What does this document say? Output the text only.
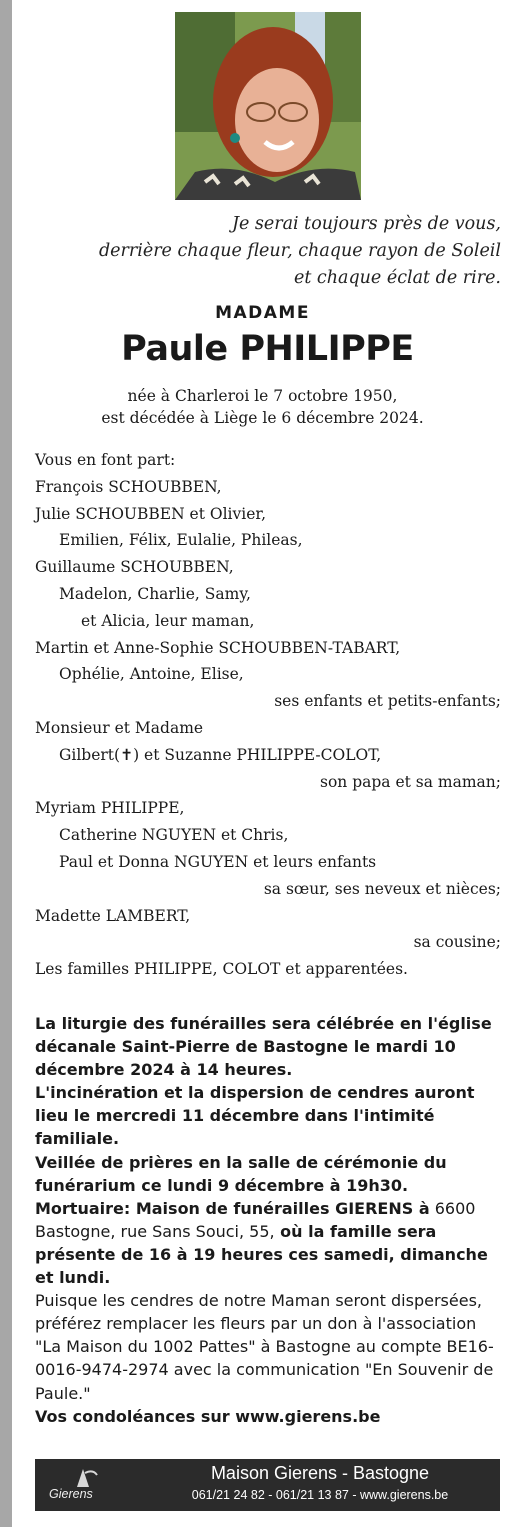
Je serai toujours près de vous,
derrière chaque fleur, chaque rayon de Soleil
et chaque éclat de rire.
MADAME
Paule PHILIPPE
née à Charleroi le 7 octobre 1950,
est décédée à Liège le 6 décembre 2024.
Vous en font part:
François SCHOUBBEN,
Julie SCHOUBBEN et Olivier,
Emilien, Félix, Eulalie, Phileas,
Guillaume SCHOUBBEN,
Madelon, Charlie, Samy,
et Alicia, leur maman,
Martin et Anne-Sophie SCHOUBBEN-TABART,
Ophélie, Antoine, Elise,
ses enfants et petits-enfants;
Monsieur et Madame
Gilbert(✝) et Suzanne PHILIPPE-COLOT,
son papa et sa maman;
Myriam PHILIPPE,
Catherine NGUYEN et Chris,
Paul et Donna NGUYEN et leurs enfants
sa sœur, ses neveux et nièces;
Madette LAMBERT,
sa cousine;
Les familles PHILIPPE, COLOT et apparentées.

La liturgie des funérailles sera célébrée en l'église décanale Saint-Pierre de Bastogne le mardi 10 décembre 2024 à 14 heures.

L'incinération et la dispersion de cendres auront lieu le mercredi 11 décembre dans l'intimité familiale.

Veillée de prières en la salle de cérémonie du funérarium ce lundi 9 décembre à 19h30.

Mortuaire: Maison de funérailles GIERENS à 6600 Bastogne, rue Sans Souci, 55, où la famille sera présente de 16 à 19 heures ces samedi, dimanche et lundi.

Puisque les cendres de notre Maman seront dispersées, préférez remplacer les fleurs par un don à l'association "La Maison du 1002 Pattes" à Bastogne au compte BE16-0016-9474-2974 avec la communication "En Souvenir de Paule."

Vos condoléances sur www.gierens.be

Gierens
Maison Gierens - Bastogne
061/21 24 82 - 061/21 13 87 - www.gierens.be
